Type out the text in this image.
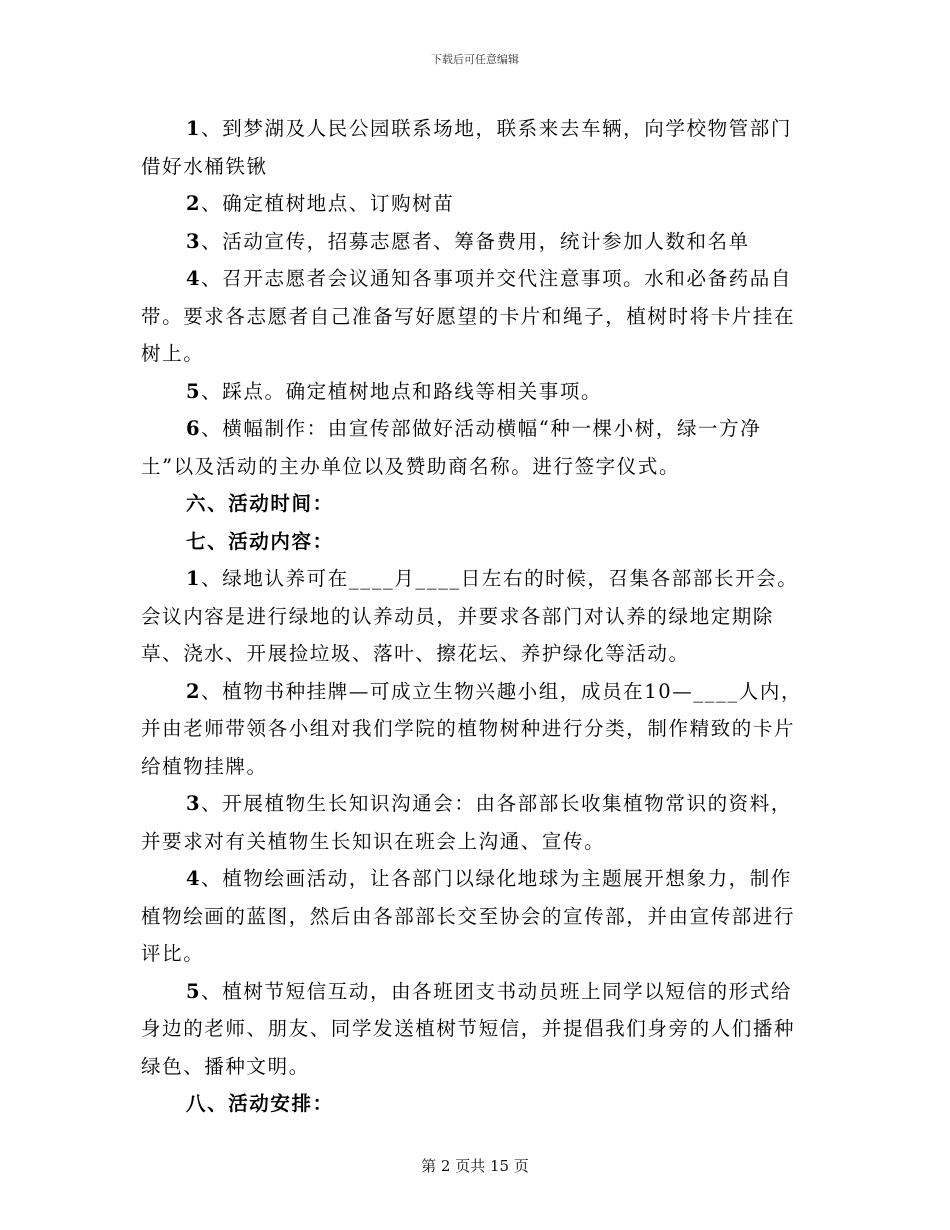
下载后可任意编辑

1、到梦湖及人民公园联系场地，联系来去车辆，向学校物管部门借好水桶铁锹

2、确定植树地点、订购树苗

3、活动宣传，招募志愿者、筹备费用，统计参加人数和名单

4、召开志愿者会议通知各事项并交代注意事项。水和必备药品自带。要求各志愿者自己准备写好愿望的卡片和绳子，植树时将卡片挂在树上。

5、踩点。确定植树地点和路线等相关事项。

6、横幅制作：由宣传部做好活动横幅“种一棵小树，绿一方净土”以及活动的主办单位以及赞助商名称。进行签字仪式。

六、活动时间：

七、活动内容：

1、绿地认养可在____月____日左右的时候，召集各部部长开会。会议内容是进行绿地的认养动员，并要求各部门对认养的绿地定期除草、浇水、开展捡垃圾、落叶、擦花坛、养护绿化等活动。

2、植物书种挂牌—可成立生物兴趣小组，成员在10—____人内，并由老师带领各小组对我们学院的植物树种进行分类，制作精致的卡片给植物挂牌。

3、开展植物生长知识沟通会：由各部部长收集植物常识的资料，并要求对有关植物生长知识在班会上沟通、宣传。

4、植物绘画活动，让各部门以绿化地球为主题展开想象力，制作植物绘画的蓝图，然后由各部部长交至协会的宣传部，并由宣传部进行评比。

5、植树节短信互动，由各班团支书动员班上同学以短信的形式给身边的老师、朋友、同学发送植树节短信，并提倡我们身旁的人们播种绿色、播种文明。

八、活动安排：

第 2 页共 15 页
